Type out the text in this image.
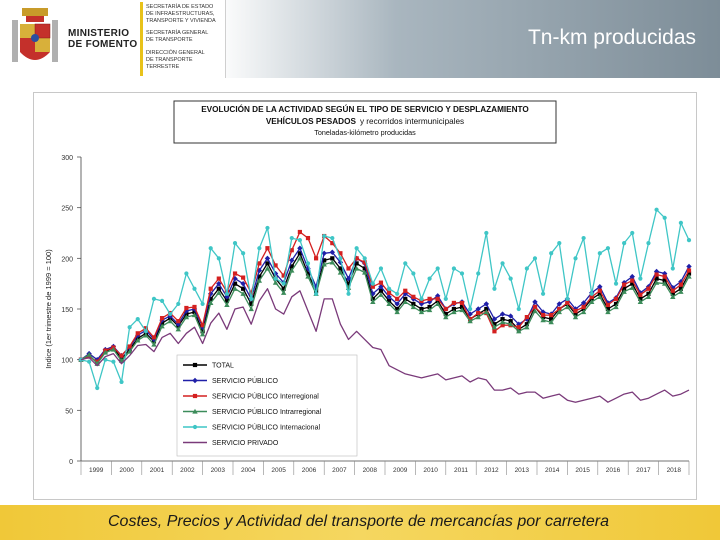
MINISTERIO
DE FOMENTO
SECRETARÍA DE ESTADO
DE INFRAESTRUCTURAS,
TRANSPORTE Y VIVIENDA
SECRETARÍA GENERAL
DE TRANSPORTE
DIRECCIÓN GENERAL
DE TRANSPORTE
TERRESTRE
Tn-km producidas
EVOLUCIÓN DE LA ACTIVIDAD SEGÚN EL TIPO DE SERVICIO Y DESPLAZAMIENTO
VEHÍCULOS PESADOS y recorridos intermunicipales
Toneladas-kilómetro producidas
Indice (1er trimestre de 1999 = 100)
0
50
100
150
200
250
300
1999 2000 2001 2002 2003 2004 2005 2006 2007 2008 2009 2010 2011 2012 2013 2014 2015 2016 2017 2018
TOTAL
SERVICIO PÚBLICO
SERVICIO PÚBLICO Interregional
SERVICIO PÚBLICO Intrarregional
SERVICIO PÚBLICO Internacional
SERVICIO PRIVADO
Costes, Precios y Actividad del transporte de mercancías por carretera
